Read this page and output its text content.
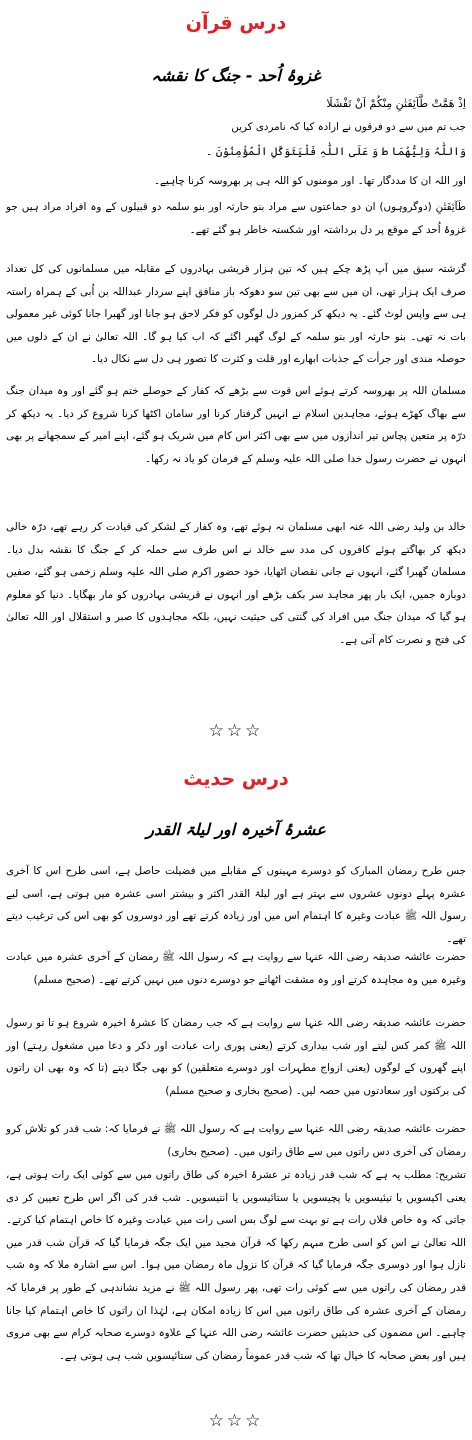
درس قرآن
غزوۂ اُحد - جنگ کا نقشہ
اِذْ ھَمَّتْ طَّآئِفَتٰنِ مِنْکُمْ اَنْ تَفْشَلَا
جب تم میں سے دو فرقوں نے ارادہ کیا کہ نامردی کریں
وَاللّٰہُ وَلِیُّھُمَا ط وَ عَلَی اللّٰہِ فَلْیَتَوَکَّلِ الْمُؤْمِنُوْنَ ۔
اور اللہ ان کا مددگار تھا۔ اور مومنوں کو اللہ ہی پر بھروسہ کرنا چاہیے۔
طَآئِفَتٰنِ (دوگروہوں) ان دو جماعتوں سے مراد بنو حارثہ اور بنو سلمہ دو قبیلوں کے وہ افراد مراد ہیں جو غزوۂ اُحد کے موقع پر دل برداشتہ اور شکستہ خاطر ہو گئے تھے۔
گزشتہ سبق میں آپ پڑھ چکے ہیں کہ تین ہزار قریشی بہادروں کے مقابلہ میں مسلمانوں کی کل تعداد صرف ایک ہزار تھی، ان میں سے بھی تین سو دھوکہ باز منافق اپنے سردار عبداللہ بن اُبی کے ہمراہ راستہ ہی سے واپس لوٹ گئے۔ یہ دیکھ کر کمزور دل لوگوں کو فکر لاحق ہو جانا اور گھبرا جانا کوئی غیر معمولی بات نہ تھی۔ بنو حارثہ اور بنو سلمہ کے لوگ گھبر اگئے کہ اب کیا ہو گا۔ اللہ تعالیٰ نے ان کے دلوں میں حوصلہ مندی اور جرأت کے جذبات ابھارے اور قلت و کثرت کا تصور ہی دل سے نکال دیا۔
مسلمان اللہ پر بھروسہ کرتے ہوئے اس قوت سے بڑھے کہ کفار کے حوصلے ختم ہو گئے اور وہ میدان جنگ سے بھاگ کھڑے ہوئے، مجاہدین اسلام نے انہیں گرفتار کرنا اور سامان اکٹھا کرنا شروع کر دیا۔ یہ دیکھ کر درّہ پر متعین پچاس تیر اندازوں میں سے بھی اکثر اس کام میں شریک ہو گئے، اپنے امیر کے سمجھانے پر بھی انہوں نے حضرت رسول خدا صلی اللہ علیہ وسلم کے فرمان کو یاد نہ رکھا۔
خالد بن ولید رضی اللہ عنہ ابھی مسلمان نہ ہوئے تھے، وہ کفار کے لشکر کی قیادت کر رہے تھے، درّہ خالی دیکھ کر بھاگتے ہوئے کافروں کی مدد سے خالد نے اس طرف سے حملہ کر کے جنگ کا نقشہ بدل دیا۔ مسلمان گھبرا گئے، انہوں نے جانی نقصان اٹھایا، خود حضور اکرم صلی اللہ علیہ وسلم زخمی ہو گئے، صفیں دوبارہ جمیں، ایک بار پھر مجاہد سر بکف بڑھے اور انہوں نے قریشی بہادروں کو مار بھگایا۔ دنیا کو معلوم ہو گیا کہ میدان جنگ میں افراد کی گنتی کی حیثیت نہیں، بلکہ مجاہدوں کا صبر و استقلال اور اللہ تعالیٰ کی فتح و نصرت کام آتی ہے۔
☆☆☆
درس حدیث
عشرۂ آخیرہ اور لیلۃ القدر
جس طرح رمضان المبارک کو دوسرے مہینوں کے مقابلے میں فضیلت حاصل ہے، اسی طرح اس کا آخری عشرہ پہلے دونوں عشروں سے بہتر ہے اور لیلۃ القدر اکثر و بیشتر اسی عشرہ میں ہوتی ہے، اسی لیے رسول اللہ ﷺ عبادت وغیرہ کا اہتمام اس میں اور زیادہ کرتے تھے اور دوسروں کو بھی اس کی ترغیب دیتے تھے۔
حضرت عائشہ صدیقہ رضی اللہ عنہا سے روایت ہے کہ رسول اللہ ﷺ رمضان کے آخری عشرہ میں عبادت وغیرہ میں وہ مجاہدہ کرتے اور وہ مشقت اٹھاتے جو دوسرے دنوں میں نہیں کرتے تھے۔ (صحیح مسلم)
حضرت عائشہ صدیقہ رضی اللہ عنہا سے روایت ہے کہ جب رمضان کا عشرۂ اخیرہ شروع ہو تا تو رسول اللہ ﷺ کمر کس لیتے اور شب بیداری کرتے (یعنی پوری رات عبادت اور ذکر و دعا میں مشغول رہتے) اور اپنے گھروں کے لوگوں (یعنی ازواج مطہرات اور دوسرے متعلقین) کو بھی جگا دیتے (تا کہ وہ بھی ان راتوں کی برکتوں اور سعادتوں میں حصہ لیں۔ (صحیح بخاری و صحیح مسلم)
حضرت عائشہ صدیقہ رضی اللہ عنہا سے روایت ہے کہ رسول اللہ ﷺ نے فرمایا کہ: شب قدر کو تلاش کرو رمضان کی آخری دس راتوں میں سے طاق راتوں میں۔ (صحیح بخاری)
تشریح: مطلب یہ ہے کہ شب قدر زیادہ تر عشرۂ اخیرہ کی طاق راتوں میں سے کوئی ایک رات ہوتی ہے، یعنی اکیسویں یا تیئیسویں یا پچیسویں یا ستائیسویں یا انتیسویں۔ شب قدر کی اگر اس طرح تعیین کر دی جاتی کہ وہ خاص فلاں رات ہے تو بہت سے لوگ بس اسی رات میں عبادت وغیرہ کا خاص اہتمام کیا کرتے۔ اللہ تعالیٰ نے اس کو اسی طرح مبہم رکھا کہ قرآن مجید میں ایک جگہ فرمایا گیا کہ قرآن شب قدر میں نازل ہوا اور دوسری جگہ فرمایا گیا کہ قرآن کا نزول ماہ رمضان میں ہوا۔ اس سے اشارہ ملا کہ وہ شب قدر رمضان کی راتوں میں سے کوئی رات تھی، پھر رسول اللہ ﷺ نے مزید نشاندہی کے طور پر فرمایا کہ رمضان کے آخری عشرہ کی طاق راتوں میں اس کا زیادہ امکان ہے، لہٰذا ان راتوں کا خاص اہتمام کیا جانا چاہیے۔ اس مضمون کی حدیثیں حضرت عائشہ رضی اللہ عنہا کے علاوہ دوسرے صحابہ کرام سے بھی مروی ہیں اور بعض صحابہ کا خیال تھا کہ شب قدر عموماً رمضان کی ستائیسویں شب ہی ہوتی ہے۔
☆☆☆
